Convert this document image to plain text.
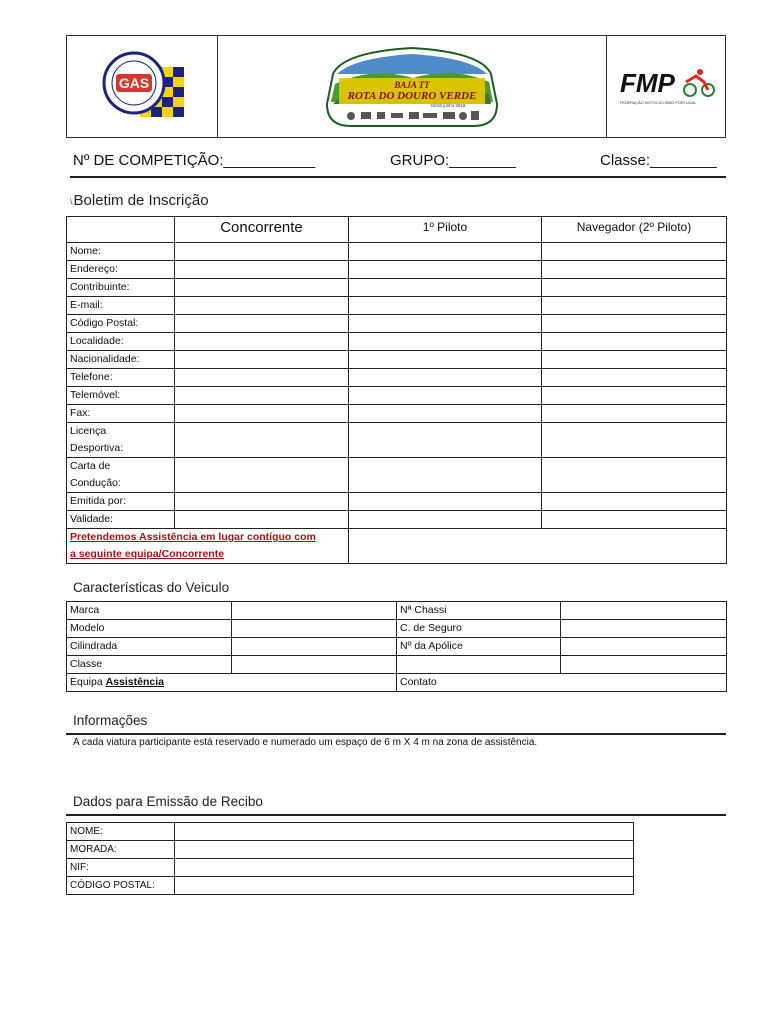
GAS	BAJA TT
ROTA DO DOURO VERDE
15/16 junho 2018
FMP
FEDERAÇÃO MOTOCICLISMO PORTUGAL
Nº DE COMPETIÇÃO:___________	GRUPO:________	Classe:________
\Boletim de Inscrição
	Concorrente	1º Piloto	Navegador (2º Piloto)
Nome:			
Endereço:			
Contribuinte:			
E-mail:			
Código Postal:			
Localidade:			
Nacionalidade:			
Telefone:			
Telemóvel:			
Fax:			
Licença
Desportiva:			
Carta de
Condução:			
Emitida por:			
Validade:			
Pretendemos Assistência em lugar contíguo com
a seguinte equipa/Concorrente			
Características do Veiculo
Marca		Nª Chassi	
Modelo		C. de Seguro	
Cilindrada		Nº da Apólice	
Classe			
Equipa Assistência		Contato	
Informações
A cada viatura participante está reservado e numerado um espaço de 6 m X 4 m na zona de assistência.
Dados para Emissão de Recibo
NOME:	
MORADA:	
NIF:	
CÓDIGO POSTAL:	
